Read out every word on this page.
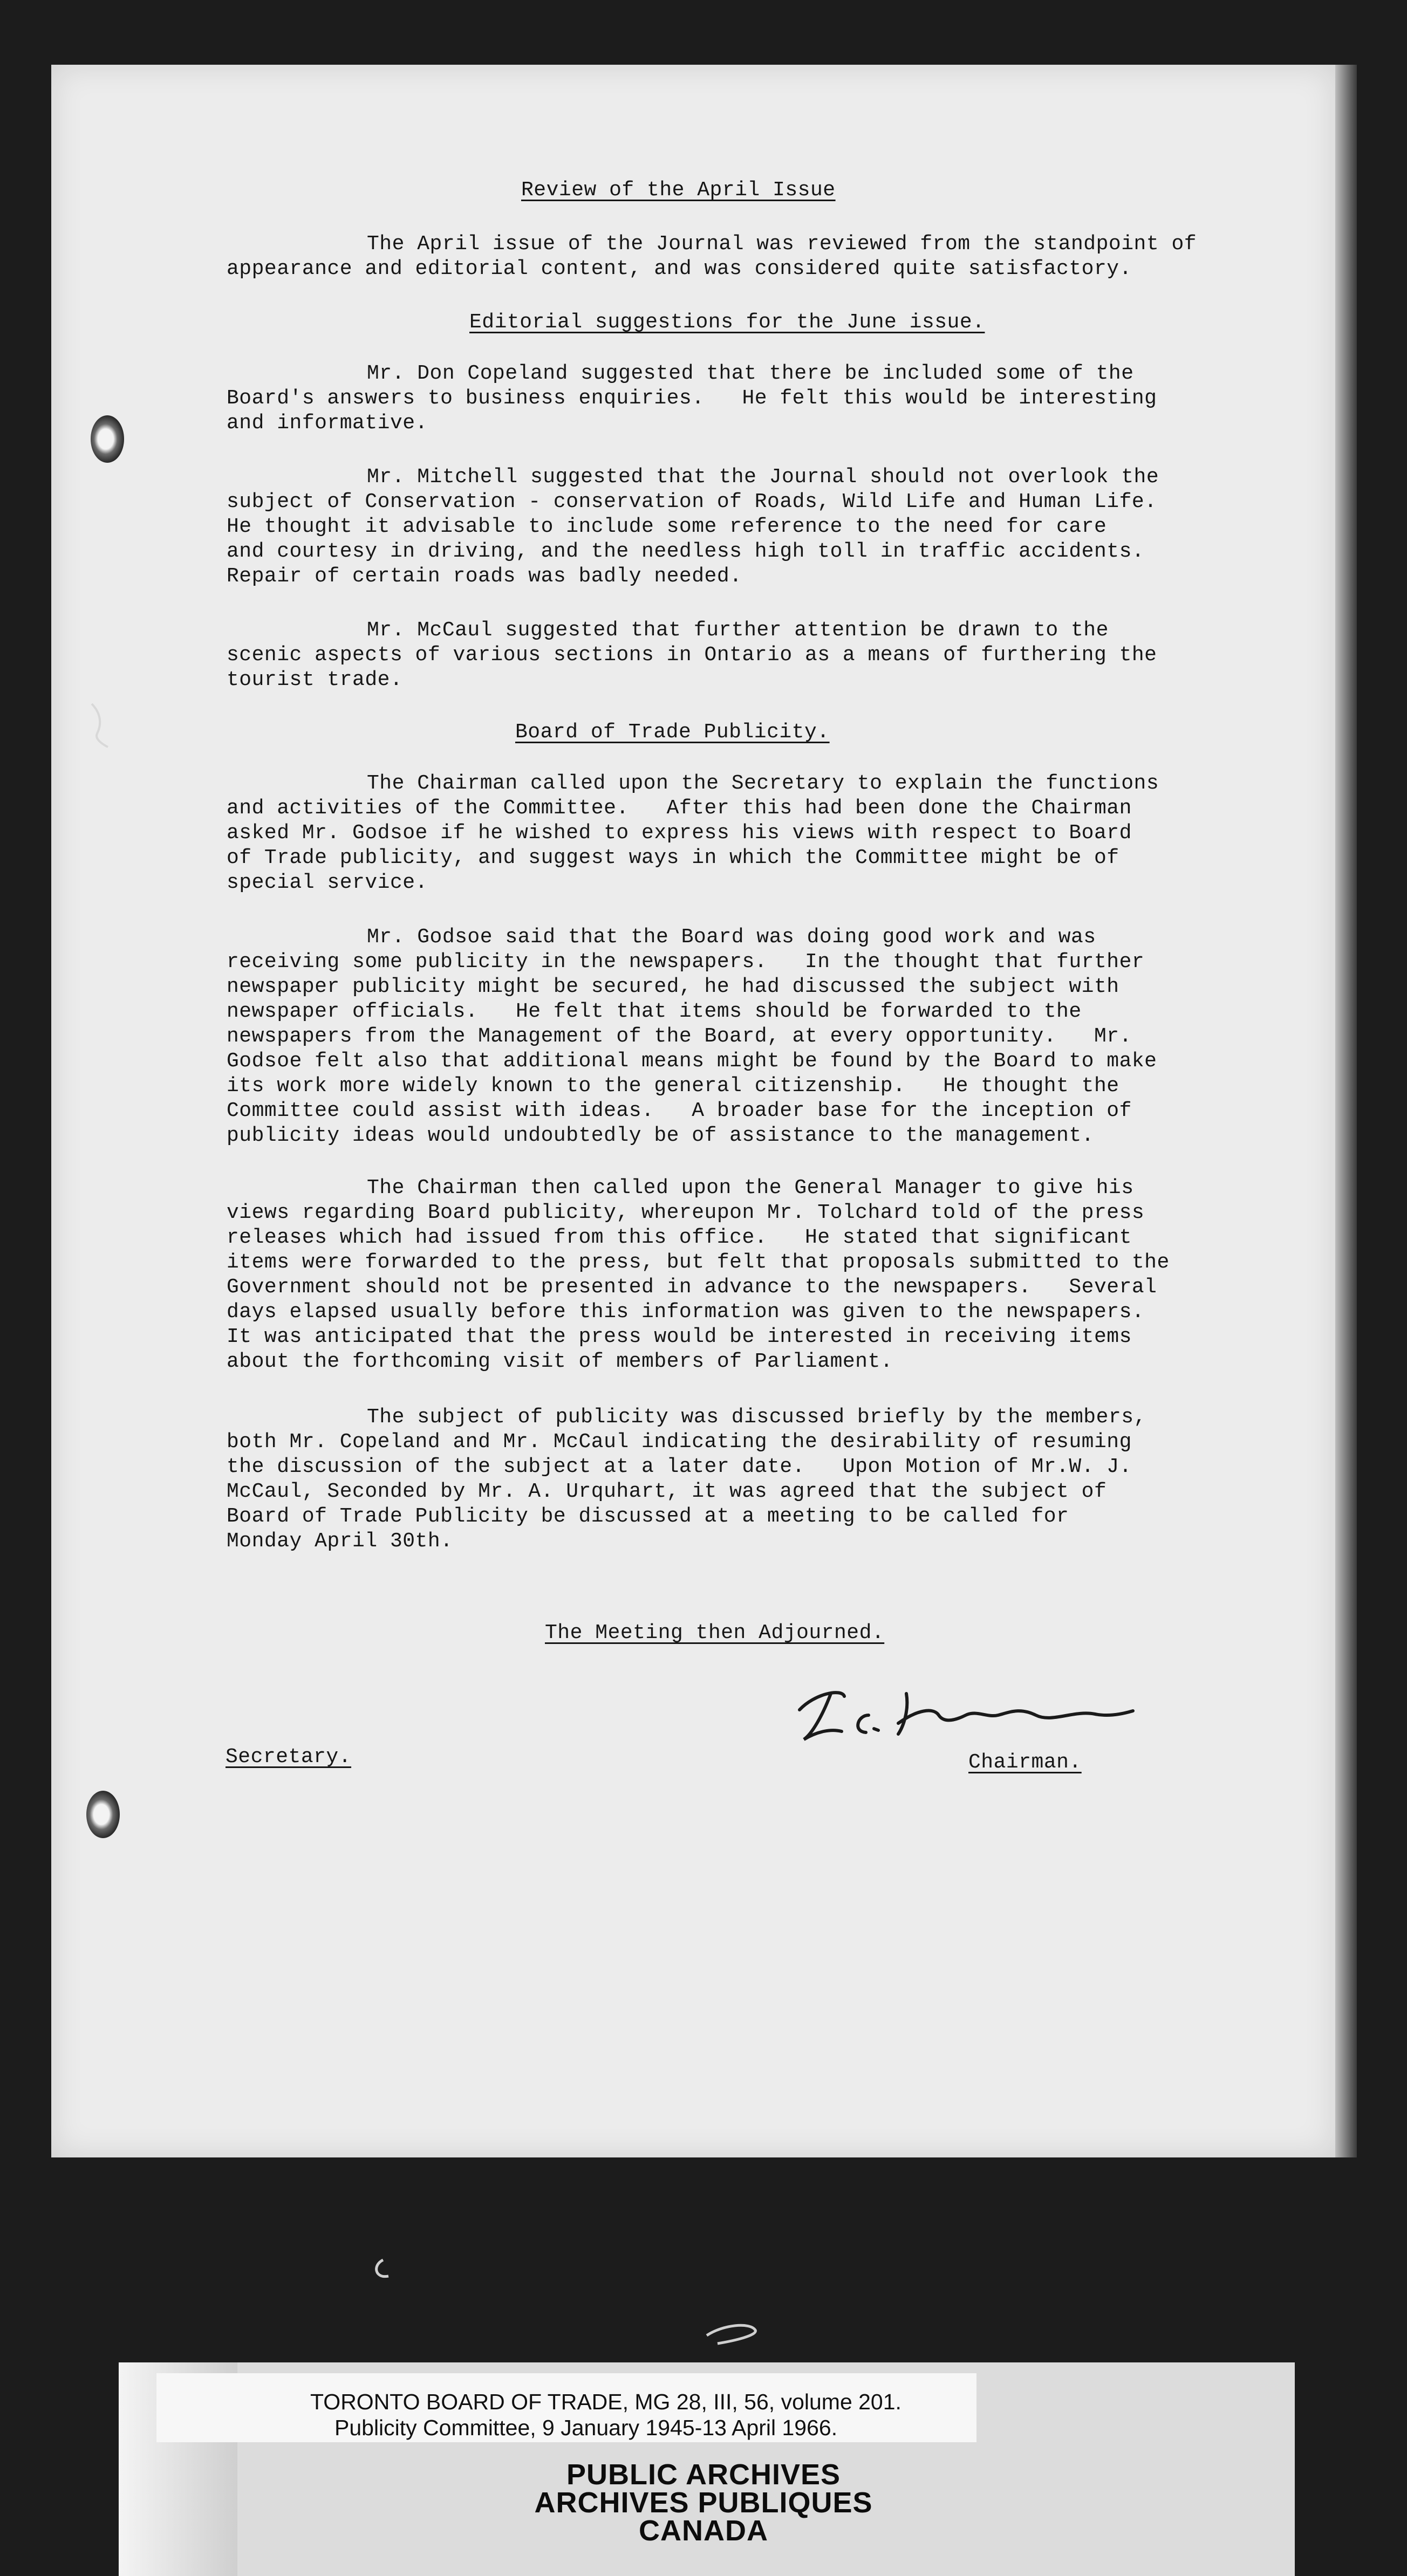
Review of the April Issue
The April issue of the Journal was reviewed from the standpoint of
appearance and editorial content, and was considered quite satisfactory.
Editorial suggestions for the June issue.
Mr. Don Copeland suggested that there be included some of the
Board's answers to business enquiries.   He felt this would be interesting
and informative.
Mr. Mitchell suggested that the Journal should not overlook the
subject of Conservation - conservation of Roads, Wild Life and Human Life.
He thought it advisable to include some reference to the need for care
and courtesy in driving, and the needless high toll in traffic accidents.
Repair of certain roads was badly needed.
Mr. McCaul suggested that further attention be drawn to the
scenic aspects of various sections in Ontario as a means of furthering the
tourist trade.
Board of Trade Publicity.
The Chairman called upon the Secretary to explain the functions
and activities of the Committee.   After this had been done the Chairman
asked Mr. Godsoe if he wished to express his views with respect to Board
of Trade publicity, and suggest ways in which the Committee might be of
special service.
Mr. Godsoe said that the Board was doing good work and was
receiving some publicity in the newspapers.   In the thought that further
newspaper publicity might be secured, he had discussed the subject with
newspaper officials.   He felt that items should be forwarded to the
newspapers from the Management of the Board, at every opportunity.   Mr.
Godsoe felt also that additional means might be found by the Board to make
its work more widely known to the general citizenship.   He thought the
Committee could assist with ideas.   A broader base for the inception of
publicity ideas would undoubtedly be of assistance to the management.
The Chairman then called upon the General Manager to give his
views regarding Board publicity, whereupon Mr. Tolchard told of the press
releases which had issued from this office.   He stated that significant
items were forwarded to the press, but felt that proposals submitted to the
Government should not be presented in advance to the newspapers.   Several
days elapsed usually before this information was given to the newspapers.
It was anticipated that the press would be interested in receiving items
about the forthcoming visit of members of Parliament.
The subject of publicity was discussed briefly by the members,
both Mr. Copeland and Mr. McCaul indicating the desirability of resuming
the discussion of the subject at a later date.   Upon Motion of Mr.W. J.
McCaul, Seconded by Mr. A. Urquhart, it was agreed that the subject of
Board of Trade Publicity be discussed at a meeting to be called for
Monday April 30th.
The Meeting then Adjourned.
Secretary.	Chairman.
TORONTO BOARD OF TRADE, MG 28, III, 56, volume 201.
Publicity Committee, 9 January 1945-13 April 1966.
PUBLIC ARCHIVES
ARCHIVES PUBLIQUES
CANADA
